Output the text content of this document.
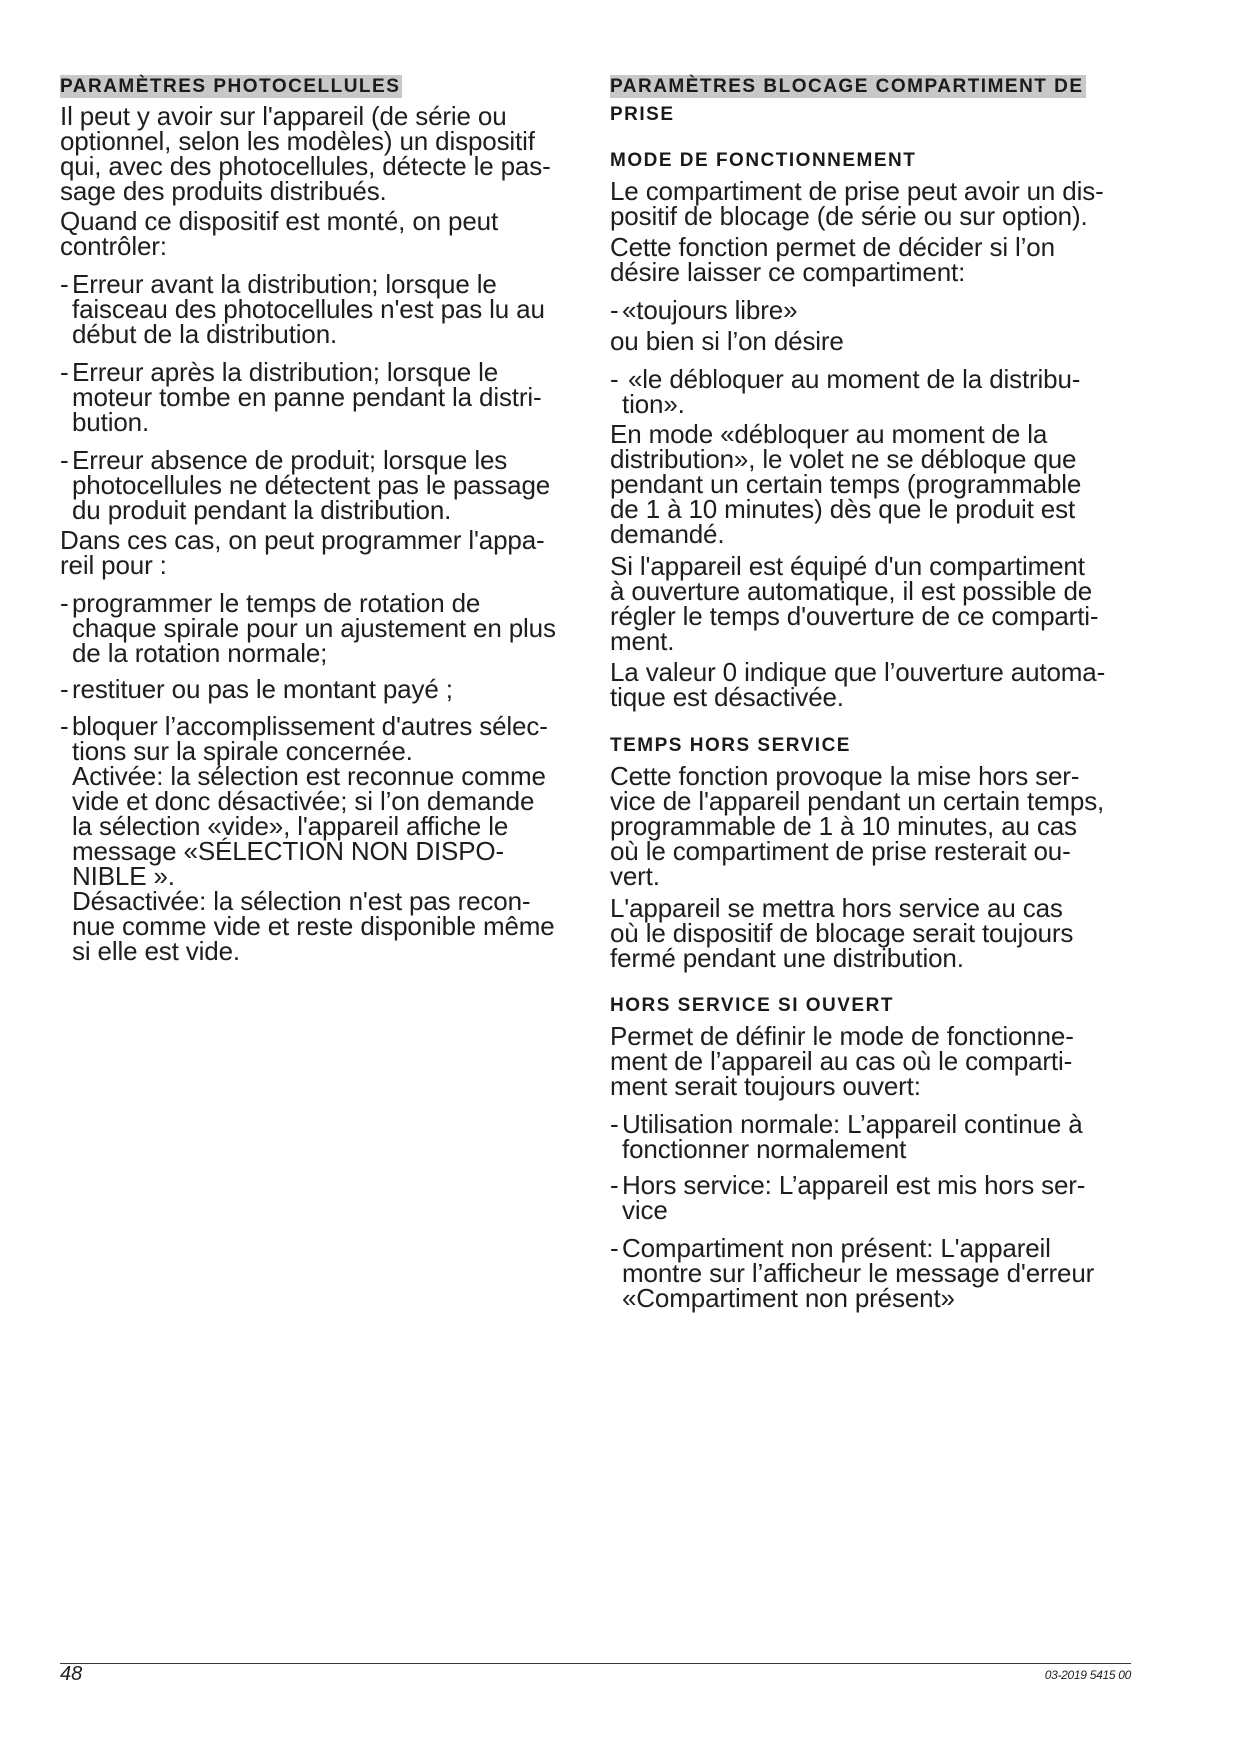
PARAMÈTRES PHOTOCELLULES
Il peut y avoir sur l'appareil (de série ou
optionnel, selon les modèles) un dispositif
qui, avec des photocellules, détecte le pas-
sage des produits distribués.
Quand ce dispositif est monté, on peut
contrôler:
- Erreur avant la distribution; lorsque le
faisceau des photocellules n'est pas lu au
début de la distribution.
- Erreur après la distribution; lorsque le
moteur tombe en panne pendant la distri-
bution.
- Erreur absence de produit; lorsque les
photocellules ne détectent pas le passage
du produit pendant la distribution.
Dans ces cas, on peut programmer l'appa-
reil pour :
- programmer le temps de rotation de
chaque spirale pour un ajustement en plus
de la rotation normale;
- restituer ou pas le montant payé ;
- bloquer l’accomplissement d'autres sélec-
tions sur la spirale concernée.
Activée: la sélection est reconnue comme
vide et donc désactivée; si l’on demande
la sélection «vide», l'appareil affiche le
message «SÉLECTION NON DISPO-
NIBLE ».
Désactivée: la sélection n'est pas recon-
nue comme vide et reste disponible même
si elle est vide.
PARAMÈTRES BLOCAGE COMPARTIMENT DE
PRISE
MODE DE FONCTIONNEMENT
Le compartiment de prise peut avoir un dis-
positif de blocage (de série ou sur option).
Cette fonction permet de décider si l’on
désire laisser ce compartiment:
- «toujours libre»
ou bien si l’on désire
- «le débloquer au moment de la distribu-
tion».
En mode «débloquer au moment de la
distribution», le volet ne se débloque que
pendant un certain temps (programmable
de 1 à 10 minutes) dès que le produit est
demandé.
Si l'appareil est équipé d'un compartiment
à ouverture automatique, il est possible de
régler le temps d'ouverture de ce comparti-
ment.
La valeur 0 indique que l’ouverture automa-
tique est désactivée.
TEMPS HORS SERVICE
Cette fonction provoque la mise hors ser-
vice de l'appareil pendant un certain temps,
programmable de 1 à 10 minutes, au cas
où le compartiment de prise resterait ou-
vert.
L'appareil se mettra hors service au cas
où le dispositif de blocage serait toujours
fermé pendant une distribution.
HORS SERVICE SI OUVERT
Permet de définir le mode de fonctionne-
ment de l’appareil au cas où le comparti-
ment serait toujours ouvert:
- Utilisation normale: L’appareil continue à
fonctionner normalement
- Hors service: L’appareil est mis hors ser-
vice
- Compartiment non présent: L'appareil
montre sur l’afficheur le message d'erreur
«Compartiment non présent»
48	03-2019 5415 00
